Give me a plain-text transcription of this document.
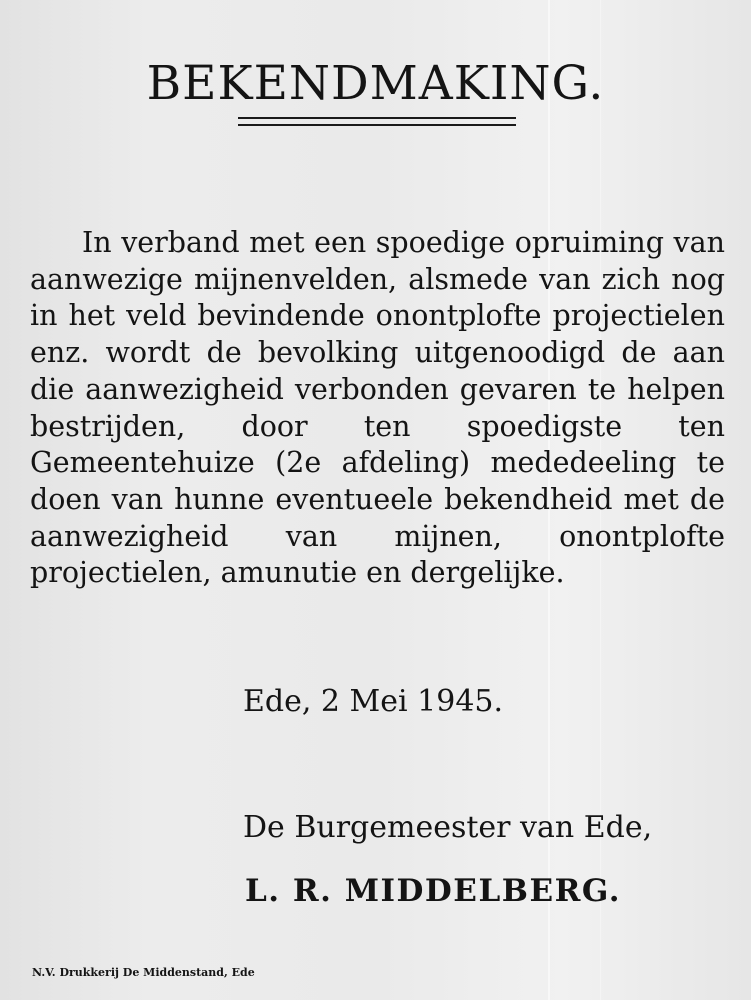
BEKENDMAKING.

In verband met een spoedige opruiming van aanwezige mijnenvelden, alsmede van zich nog in het veld bevindende onontplofte projectielen enz. wordt de bevolking uitgenoodigd de aan die aanwezigheid verbonden gevaren te helpen bestrijden, door ten spoedigste ten Gemeentehuize (2e afdeling) mededeeling te doen van hunne eventueele bekendheid met de aanwezigheid van mijnen, onontplofte projectielen, amunutie en dergelijke.

Ede, 2 Mei 1945.
De Burgemeester van Ede,
L. R. MIDDELBERG.
N.V. Drukkerij De Middenstand, Ede
